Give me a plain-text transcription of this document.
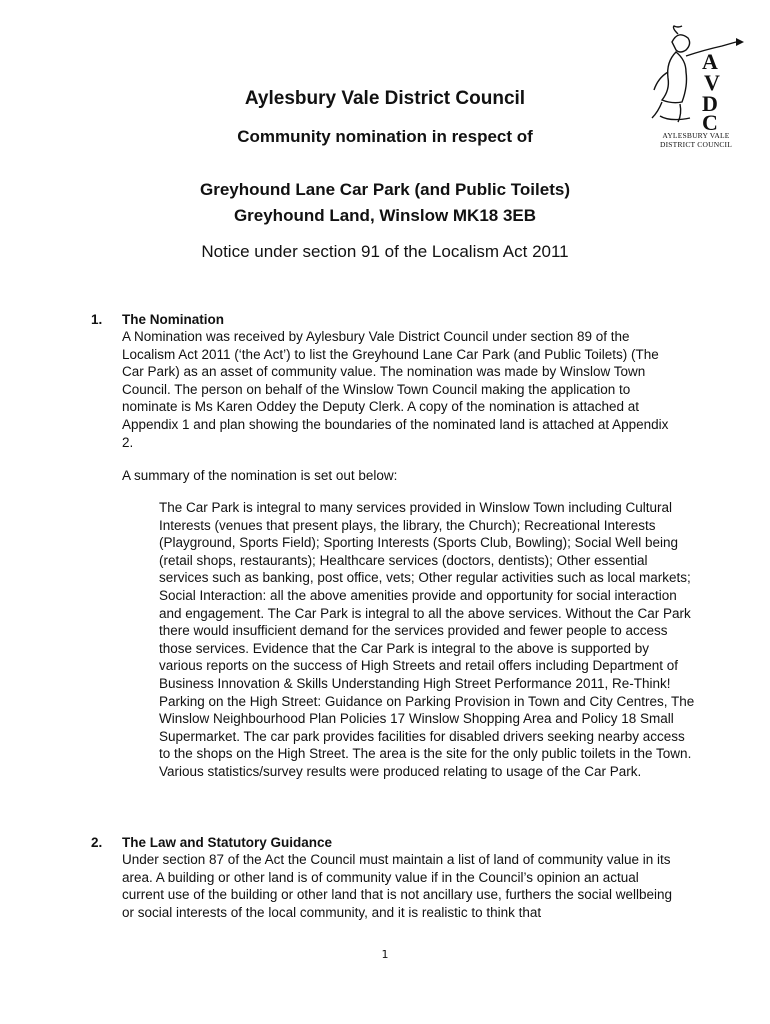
A
V
D
C
AYLESBURY VALE
DISTRICT COUNCIL
Aylesbury Vale District Council
Community nomination in respect of
Greyhound Lane Car Park (and Public Toilets)
Greyhound Land, Winslow MK18 3EB
Notice under section 91 of the Localism Act 2011
1. The Nomination

A Nomination was received by Aylesbury Vale District Council under section 89 of the Localism Act 2011 (‘the Act’) to list the Greyhound Lane Car Park (and Public Toilets) (The Car Park) as an asset of community value. The nomination was made by Winslow Town Council. The person on behalf of the Winslow Town Council making the application to nominate is Ms Karen Oddey the Deputy Clerk. A copy of the nomination is attached at Appendix 1 and plan showing the boundaries of the nominated land is attached at Appendix 2.

A summary of the nomination is set out below:

The Car Park is integral to many services provided in Winslow Town including Cultural Interests (venues that present plays, the library, the Church); Recreational Interests (Playground, Sports Field); Sporting Interests (Sports Club, Bowling); Social Well being (retail shops, restaurants); Healthcare services (doctors, dentists); Other essential services such as banking, post office, vets; Other regular activities such as local markets; Social Interaction: all the above amenities provide and opportunity for social interaction and engagement. The Car Park is integral to all the above services. Without the Car Park there would insufficient demand for the services provided and fewer people to access those services. Evidence that the Car Park is integral to the above is supported by various reports on the success of High Streets and retail offers including Department of Business Innovation & Skills Understanding High Street Performance 2011, Re-Think! Parking on the High Street: Guidance on Parking Provision in Town and City Centres, The Winslow Neighbourhood Plan Policies 17 Winslow Shopping Area and Policy 18 Small Supermarket. The car park provides facilities for disabled drivers seeking nearby access to the shops on the High Street. The area is the site for the only public toilets in the Town. Various statistics/survey results were produced relating to usage of the Car Park.

2. The Law and Statutory Guidance

Under section 87 of the Act the Council must maintain a list of land of community value in its area. A building or other land is of community value if in the Council’s opinion an actual current use of the building or other land that is not ancillary use, furthers the social wellbeing or social interests of the local community, and it is realistic to think that

1
